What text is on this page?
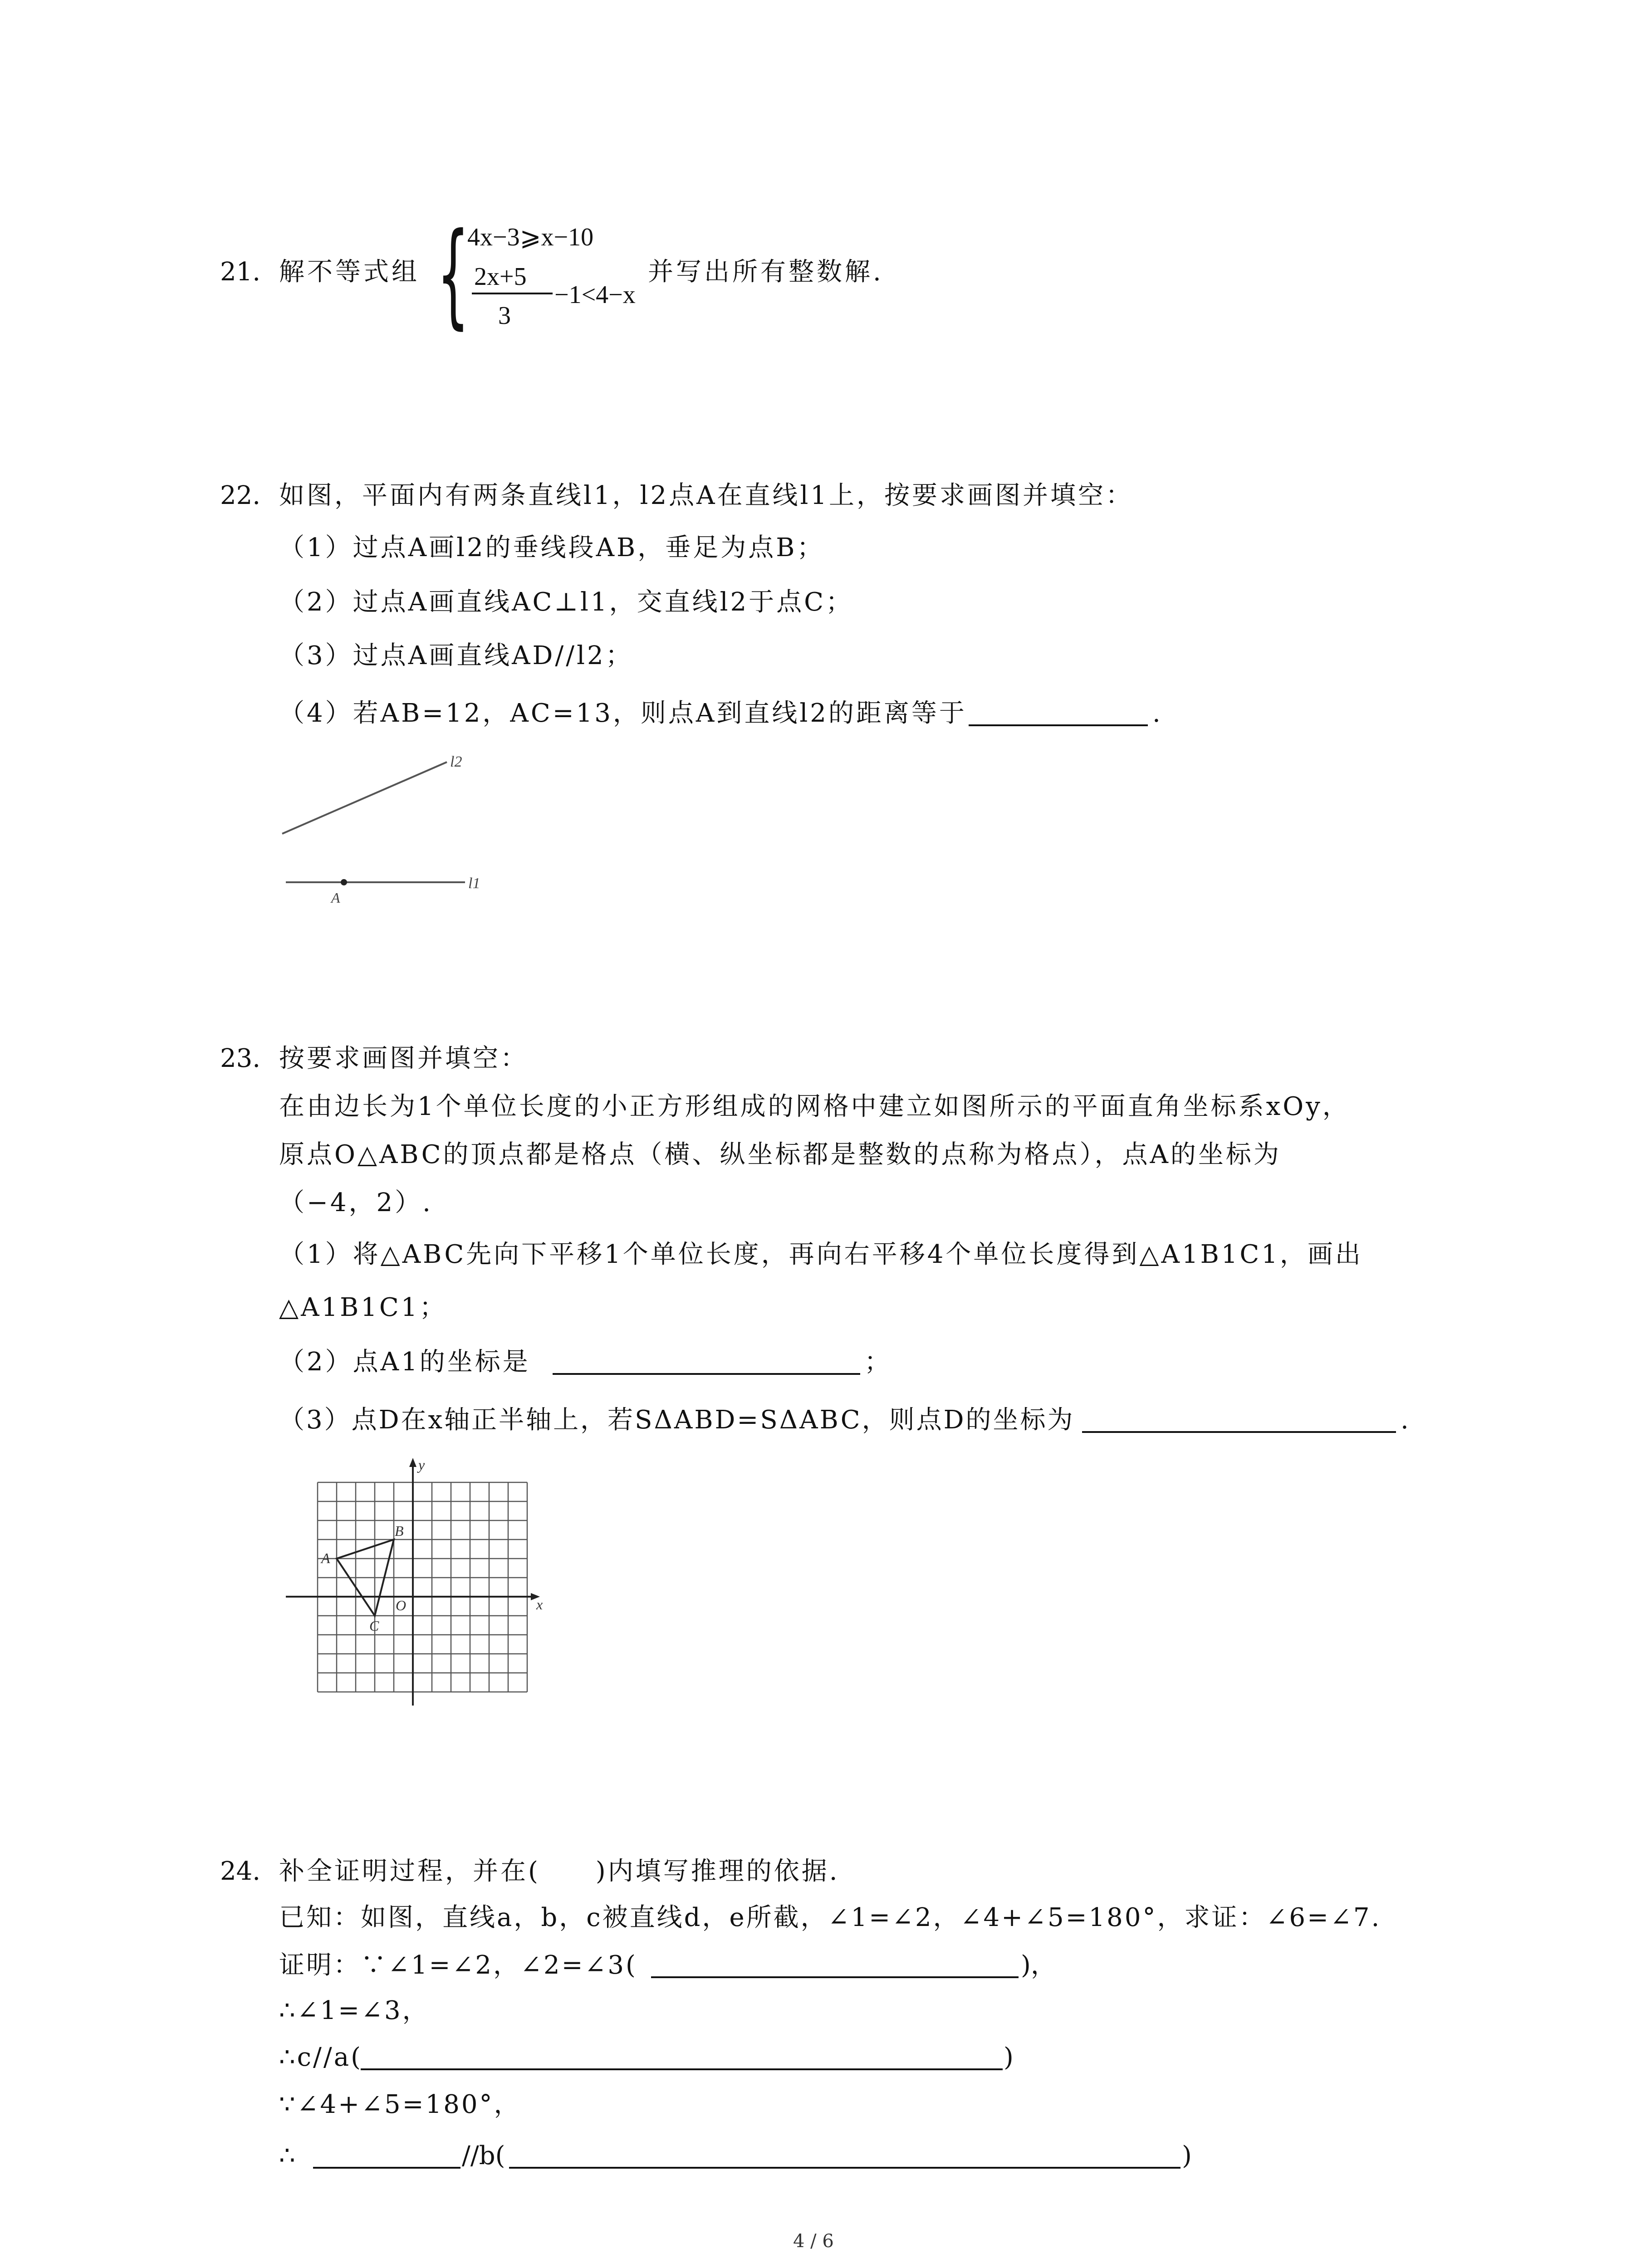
21. 解不等式组 {
4x−3⩾x−10
2x+5
3
−1<4−x
并写出所有整数解.
22. 如图，平面内有两条直线l1，l2点A在直线l1上，按要求画图并填空：
（1）过点A画l2的垂线段AB，垂足为点B；
（2）过点A画直线AC⊥l1，交直线l2于点C；
（3）过点A画直线AD//l2；
（4）若AB=12，AC=13，则点A到直线l2的距离等于	.
l2
l1
A
23. 按要求画图并填空：
在由边长为1个单位长度的小正方形组成的网格中建立如图所示的平面直角坐标系xOy，
原点O△ABC的顶点都是格点（横、纵坐标都是整数的点称为格点），点A的坐标为
（−4，2）.
（1）将△ABC先向下平移1个单位长度，再向右平移4个单位长度得到△A1B1C1，画出
△A1B1C1；
（2）点A1的坐标是	；
（3）点D在x轴正半轴上，若SΔABD=SΔABC，则点D的坐标为	.
y
x
O
A
B
C
24. 补全证明过程，并在(　　)内填写推理的依据.
已知：如图，直线a，b，c被直线d，e所截，∠1=∠2，∠4+∠5=180°，求证：∠6=∠7.
证明：∵∠1=∠2，∠2=∠3(	)，
∴∠1=∠3，
∴c//a(	)
∵∠4+∠5=180°，
∴	//b(	)
4 / 6
